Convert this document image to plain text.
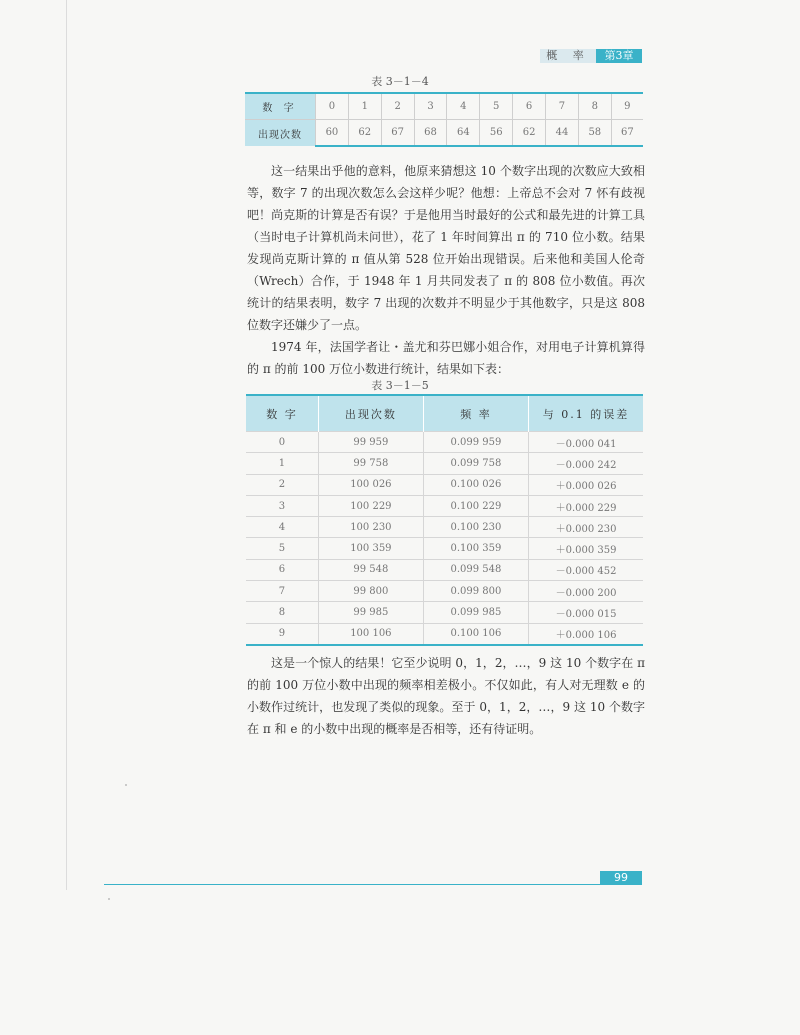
概 率	第3章
表 3－1－4
数 字	0	1	2	3	4	5	6	7	8	9
出现次数	60	62	67	68	64	56	62	44	58	67

这一结果出乎他的意料，他原来猜想这 10 个数字出现的次数应大致相等，数字 7 的出现次数怎么会这样少呢？他想：上帝总不会对 7 怀有歧视吧！尚克斯的计算是否有误？于是他用当时最好的公式和最先进的计算工具（当时电子计算机尚未问世），花了 1 年时间算出 π 的 710 位小数。结果发现尚克斯计算的 π 值从第 528 位开始出现错误。后来他和美国人伦奇（Wrech）合作，于 1948 年 1 月共同发表了 π 的 808 位小数值。再次统计的结果表明，数字 7 出现的次数并不明显少于其他数字，只是这 808 位数字还嫌少了一点。

1974 年，法国学者让・盖尤和芬巴娜小姐合作，对用电子计算机算得的 π 的前 100 万位小数进行统计，结果如下表：

表 3－1－5
数 字	出现次数	频 率	与 0.1 的误差
0	99 959	0.099 959	－0.000 041
1	99 758	0.099 758	－0.000 242
2	100 026	0.100 026	＋0.000 026
3	100 229	0.100 229	＋0.000 229
4	100 230	0.100 230	＋0.000 230
5	100 359	0.100 359	＋0.000 359
6	99 548	0.099 548	－0.000 452
7	99 800	0.099 800	－0.000 200
8	99 985	0.099 985	－0.000 015
9	100 106	0.100 106	＋0.000 106

这是一个惊人的结果！它至少说明 0，1，2，…，9 这 10 个数字在 π 的前 100 万位小数中出现的频率相差极小。不仅如此，有人对无理数 e 的小数作过统计，也发现了类似的现象。至于 0，1，2，…，9 这 10 个数字在 π 和 e 的小数中出现的概率是否相等，还有待证明。

99
